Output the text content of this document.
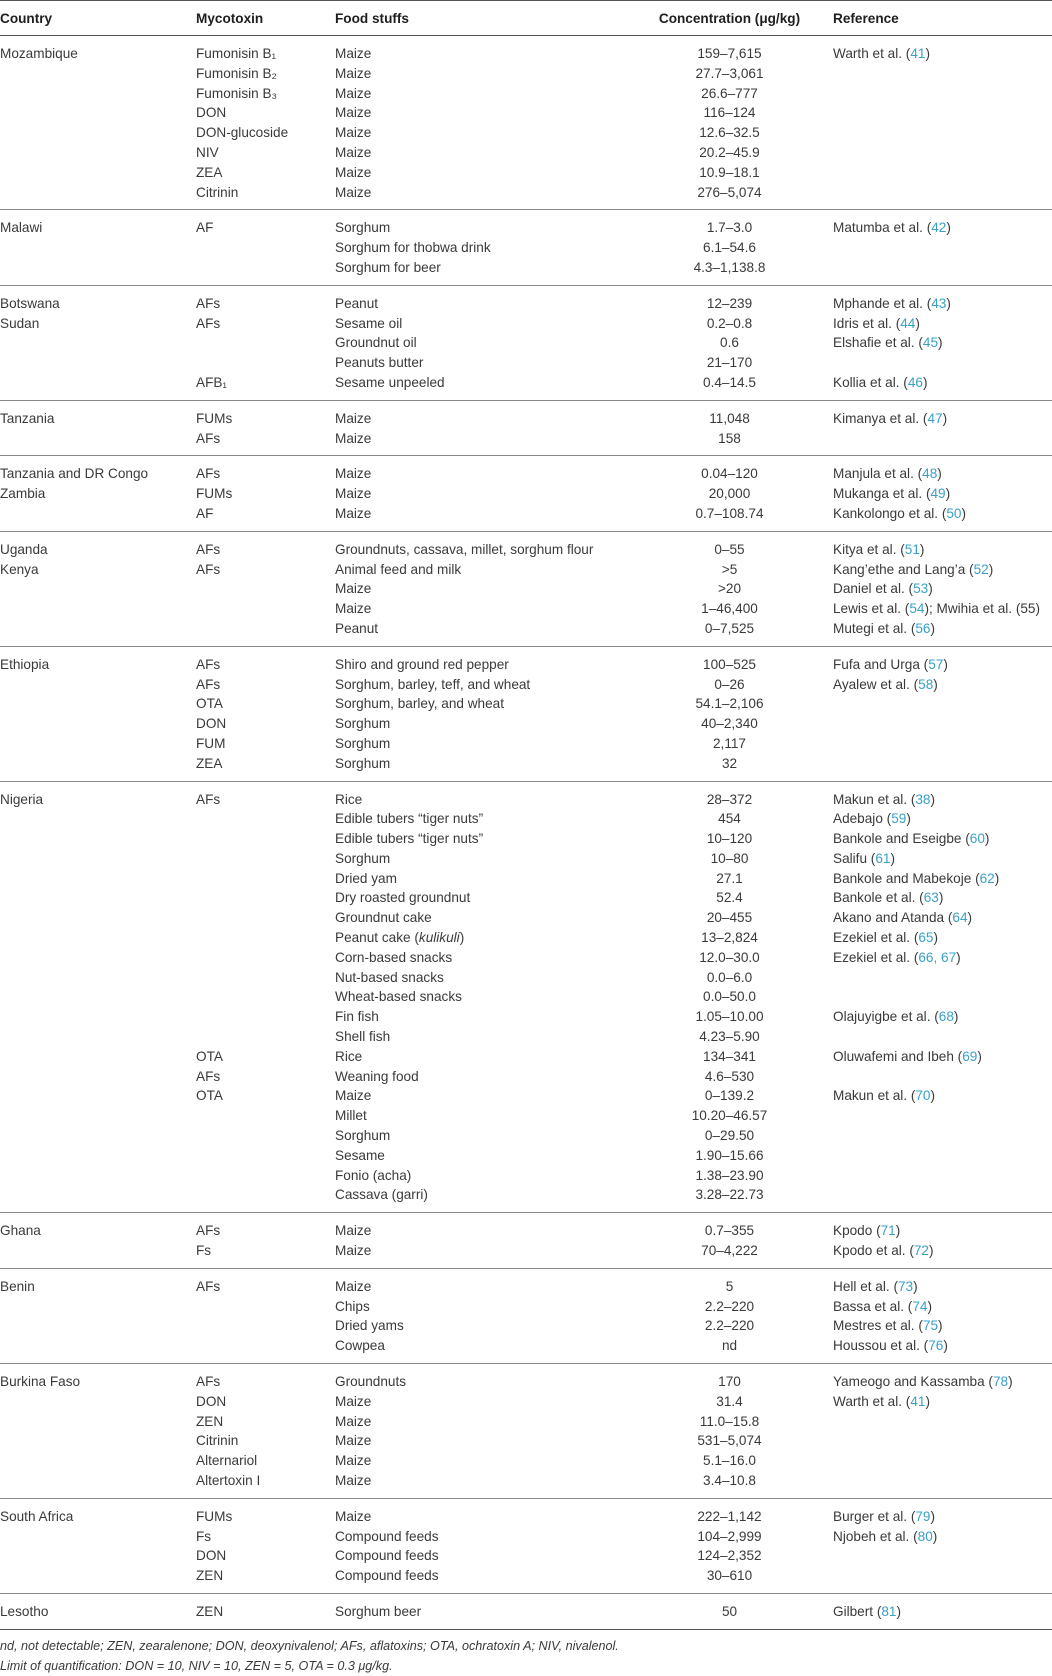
Country	Mycotoxin	Food stuffs	Concentration (μg/kg)	Reference
Mozambique	Fumonisin B₁	Maize	159–7,615	Warth et al. (41)
	Fumonisin B₂	Maize	27.7–3,061	
	Fumonisin B₃	Maize	26.6–777	
	DON	Maize	116–124	
	DON-glucoside	Maize	12.6–32.5	
	NIV	Maize	20.2–45.9	
	ZEA	Maize	10.9–18.1	
	Citrinin	Maize	276–5,074	
Malawi	AF	Sorghum	1.7–3.0	Matumba et al. (42)
		Sorghum for thobwa drink	6.1–54.6	
		Sorghum for beer	4.3–1,138.8	
Botswana	AFs	Peanut	12–239	Mphande et al. (43)
Sudan	AFs	Sesame oil	0.2–0.8	Idris et al. (44)
		Groundnut oil	0.6	Elshafie et al. (45)
		Peanuts butter	21–170	
	AFB₁	Sesame unpeeled	0.4–14.5	Kollia et al. (46)
Tanzania	FUMs	Maize	11,048	Kimanya et al. (47)
	AFs	Maize	158	
Tanzania and DR Congo	AFs	Maize	0.04–120	Manjula et al. (48)
Zambia	FUMs	Maize	20,000	Mukanga et al. (49)
	AF	Maize	0.7–108.74	Kankolongo et al. (50)
Uganda	AFs	Groundnuts, cassava, millet, sorghum flour	0–55	Kitya et al. (51)
Kenya	AFs	Animal feed and milk	>5	Kang’ethe and Lang’a (52)
		Maize	>20	Daniel et al. (53)
		Maize	1–46,400	Lewis et al. (54); Mwihia et al. (55)
		Peanut	0–7,525	Mutegi et al. (56)
Ethiopia	AFs	Shiro and ground red pepper	100–525	Fufa and Urga (57)
	AFs	Sorghum, barley, teff, and wheat	0–26	Ayalew et al. (58)
	OTA	Sorghum, barley, and wheat	54.1–2,106	
	DON	Sorghum	40–2,340	
	FUM	Sorghum	2,117	
	ZEA	Sorghum	32	
Nigeria	AFs	Rice	28–372	Makun et al. (38)
		Edible tubers “tiger nuts”	454	Adebajo (59)
		Edible tubers “tiger nuts”	10–120	Bankole and Eseigbe (60)
		Sorghum	10–80	Salifu (61)
		Dried yam	27.1	Bankole and Mabekoje (62)
		Dry roasted groundnut	52.4	Bankole et al. (63)
		Groundnut cake	20–455	Akano and Atanda (64)
		Peanut cake (kulikuli)	13–2,824	Ezekiel et al. (65)
		Corn-based snacks	12.0–30.0	Ezekiel et al. (66, 67)
		Nut-based snacks	0.0–6.0	
		Wheat-based snacks	0.0–50.0	
		Fin fish	1.05–10.00	Olajuyigbe et al. (68)
		Shell fish	4.23–5.90	
	OTA	Rice	134–341	Oluwafemi and Ibeh (69)
	AFs	Weaning food	4.6–530	
	OTA	Maize	0–139.2	Makun et al. (70)
		Millet	10.20–46.57	
		Sorghum	0–29.50	
		Sesame	1.90–15.66	
		Fonio (acha)	1.38–23.90	
		Cassava (garri)	3.28–22.73	
Ghana	AFs	Maize	0.7–355	Kpodo (71)
	Fs	Maize	70–4,222	Kpodo et al. (72)
Benin	AFs	Maize	5	Hell et al. (73)
		Chips	2.2–220	Bassa et al. (74)
		Dried yams	2.2–220	Mestres et al. (75)
		Cowpea	nd	Houssou et al. (76)
Burkina Faso	AFs	Groundnuts	170	Yameogo and Kassamba (78)
	DON	Maize	31.4	Warth et al. (41)
	ZEN	Maize	11.0–15.8	
	Citrinin	Maize	531–5,074	
	Alternariol	Maize	5.1–16.0	
	Altertoxin I	Maize	3.4–10.8	
South Africa	FUMs	Maize	222–1,142	Burger et al. (79)
	Fs	Compound feeds	104–2,999	Njobeh et al. (80)
	DON	Compound feeds	124–2,352	
	ZEN	Compound feeds	30–610	
Lesotho	ZEN	Sorghum beer	50	Gilbert (81)
nd, not detectable; ZEN, zearalenone; DON, deoxynivalenol; AFs, aflatoxins; OTA, ochratoxin A; NIV, nivalenol.
Limit of quantification: DON = 10, NIV = 10, ZEN = 5, OTA = 0.3 μg/kg.
